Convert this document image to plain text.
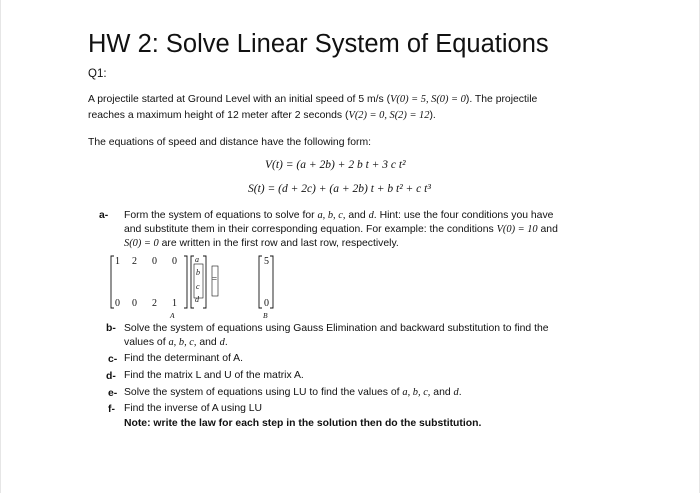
HW 2: Solve Linear System of Equations
Q1:

A projectile started at Ground Level with an initial speed of 5 m/s (V(0) = 5, S(0) = 0). The projectile
reaches a maximum height of 12 meter after 2 seconds (V(2) = 0, S(2) = 12).

The equations of speed and distance have the following form:

V(t) = (a + 2b) + 2 b t + 3 c t²
S(t) = (d + 2c) + (a + 2b) t + b t² + c t³
a- Form the system of equations to solve for a, b, c, and d. Hint: use the four conditions you have
and substitute them in their corresponding equation. For example: the conditions V(0) = 10 and
S(0) = 0 are written in the first row and last row, respectively.
1 2 0 0
0 0 2 1
a
b
c
d
=
5
0
A	B
b- Solve the system of equations using Gauss Elimination and backward substitution to find the
values of a, b, c, and d.
c- Find the determinant of A.
d- Find the matrix L and U of the matrix A.
e- Solve the system of equations using LU to find the values of a, b, c, and d.
f- Find the inverse of A using LU
Note: write the law for each step in the solution then do the substitution.
